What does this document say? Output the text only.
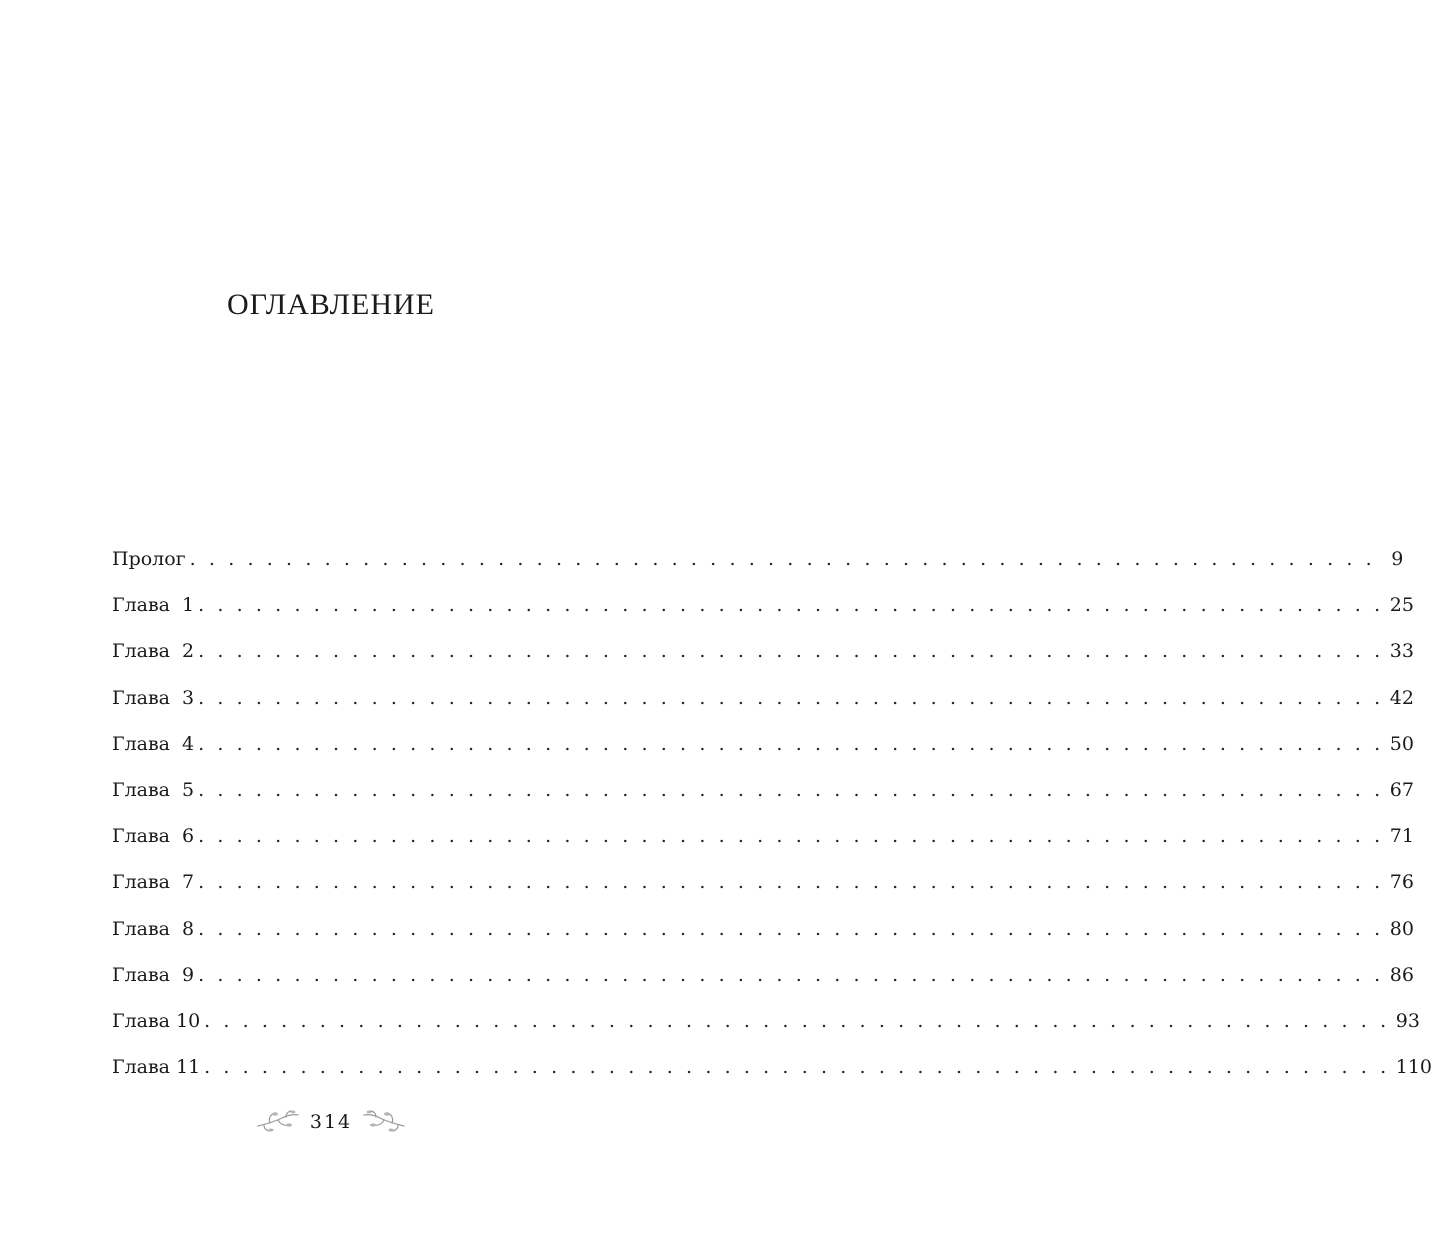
ОГЛАВЛЕНИЕ
Пролог . . . . . . . . . . . . . . . . . . . . . . . . . . . . . . . . . . . . . . . . . . . . . . . . . . . . . . . . . . . . . . 9
Глава 1 . . . . . . . . . . . . . . . . . . . . . . . . . . . . . . . . . . . . . . . . . . . . . . . . . . . . . . . . . . . . . . 25
Глава 2 . . . . . . . . . . . . . . . . . . . . . . . . . . . . . . . . . . . . . . . . . . . . . . . . . . . . . . . . . . . . . . 33
Глава 3 . . . . . . . . . . . . . . . . . . . . . . . . . . . . . . . . . . . . . . . . . . . . . . . . . . . . . . . . . . . . . . 42
Глава 4 . . . . . . . . . . . . . . . . . . . . . . . . . . . . . . . . . . . . . . . . . . . . . . . . . . . . . . . . . . . . . . 50
Глава 5 . . . . . . . . . . . . . . . . . . . . . . . . . . . . . . . . . . . . . . . . . . . . . . . . . . . . . . . . . . . . . . 67
Глава 6 . . . . . . . . . . . . . . . . . . . . . . . . . . . . . . . . . . . . . . . . . . . . . . . . . . . . . . . . . . . . . . 71
Глава 7 . . . . . . . . . . . . . . . . . . . . . . . . . . . . . . . . . . . . . . . . . . . . . . . . . . . . . . . . . . . . . . 76
Глава 8 . . . . . . . . . . . . . . . . . . . . . . . . . . . . . . . . . . . . . . . . . . . . . . . . . . . . . . . . . . . . . . 80
Глава 9 . . . . . . . . . . . . . . . . . . . . . . . . . . . . . . . . . . . . . . . . . . . . . . . . . . . . . . . . . . . . . . 86
Глава 10 . . . . . . . . . . . . . . . . . . . . . . . . . . . . . . . . . . . . . . . . . . . . . . . . . . . . . . . . . . . . . . 93
Глава 11 . . . . . . . . . . . . . . . . . . . . . . . . . . . . . . . . . . . . . . . . . . . . . . . . . . . . . . . . . . . . . . 110
314
